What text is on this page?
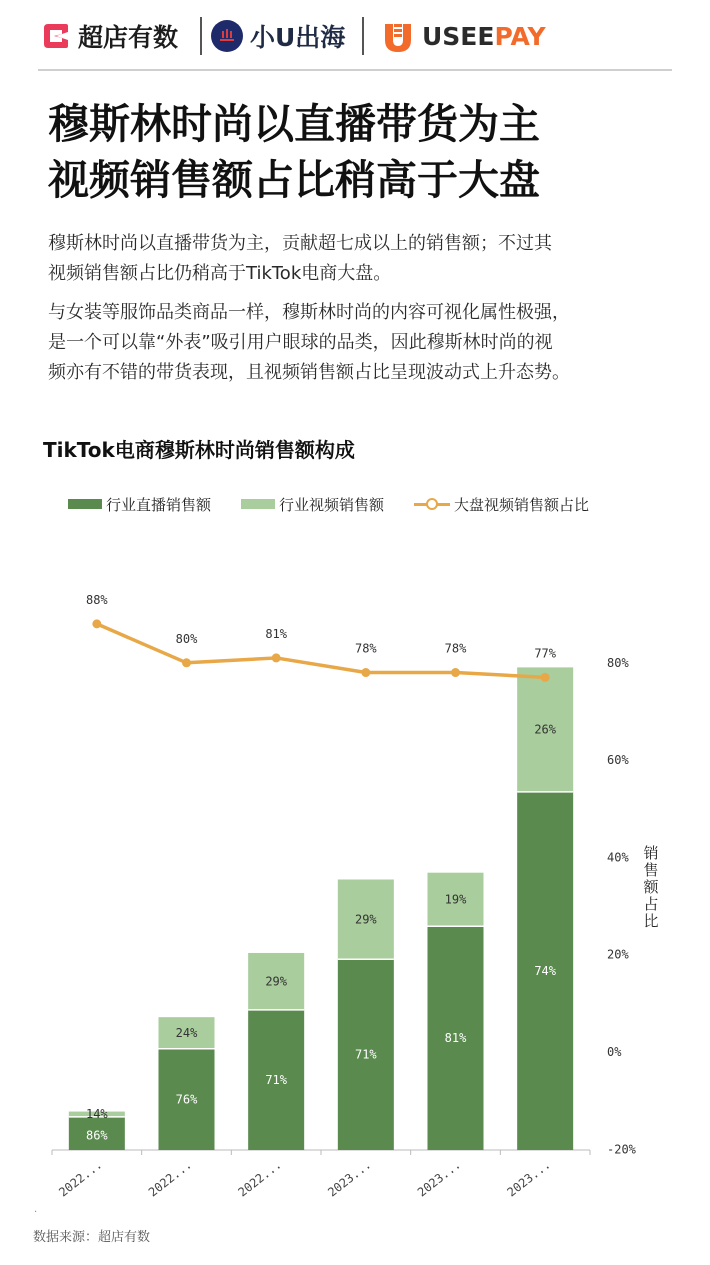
超店有数	小U出海	USEEPAY
穆斯林时尚以直播带货为主
视频销售额占比稍高于大盘
穆斯林时尚以直播带货为主，贡献超七成以上的销售额；不过其
视频销售额占比仍稍高于TikTok电商大盘。
与女装等服饰品类商品一样，穆斯林时尚的内容可视化属性极强，
是一个可以靠“外表”吸引用户眼球的品类，因此穆斯林时尚的视
频亦有不错的带货表现，且视频销售额占比呈现波动式上升态势。
TikTok电商穆斯林时尚销售额构成
行业直播销售额	行业视频销售额	大盘视频销售额占比
86%
14%
2022...
76%
24%
2022...
71%
29%
2022...
71%
29%
2023...
81%
19%
2023...
74%
26%
2023...
88%
80%	81%
78%	78%	77%
80%
60%
40%
20%
0%
-20%
销
售
额
占
比
.
数据来源：超店有数
